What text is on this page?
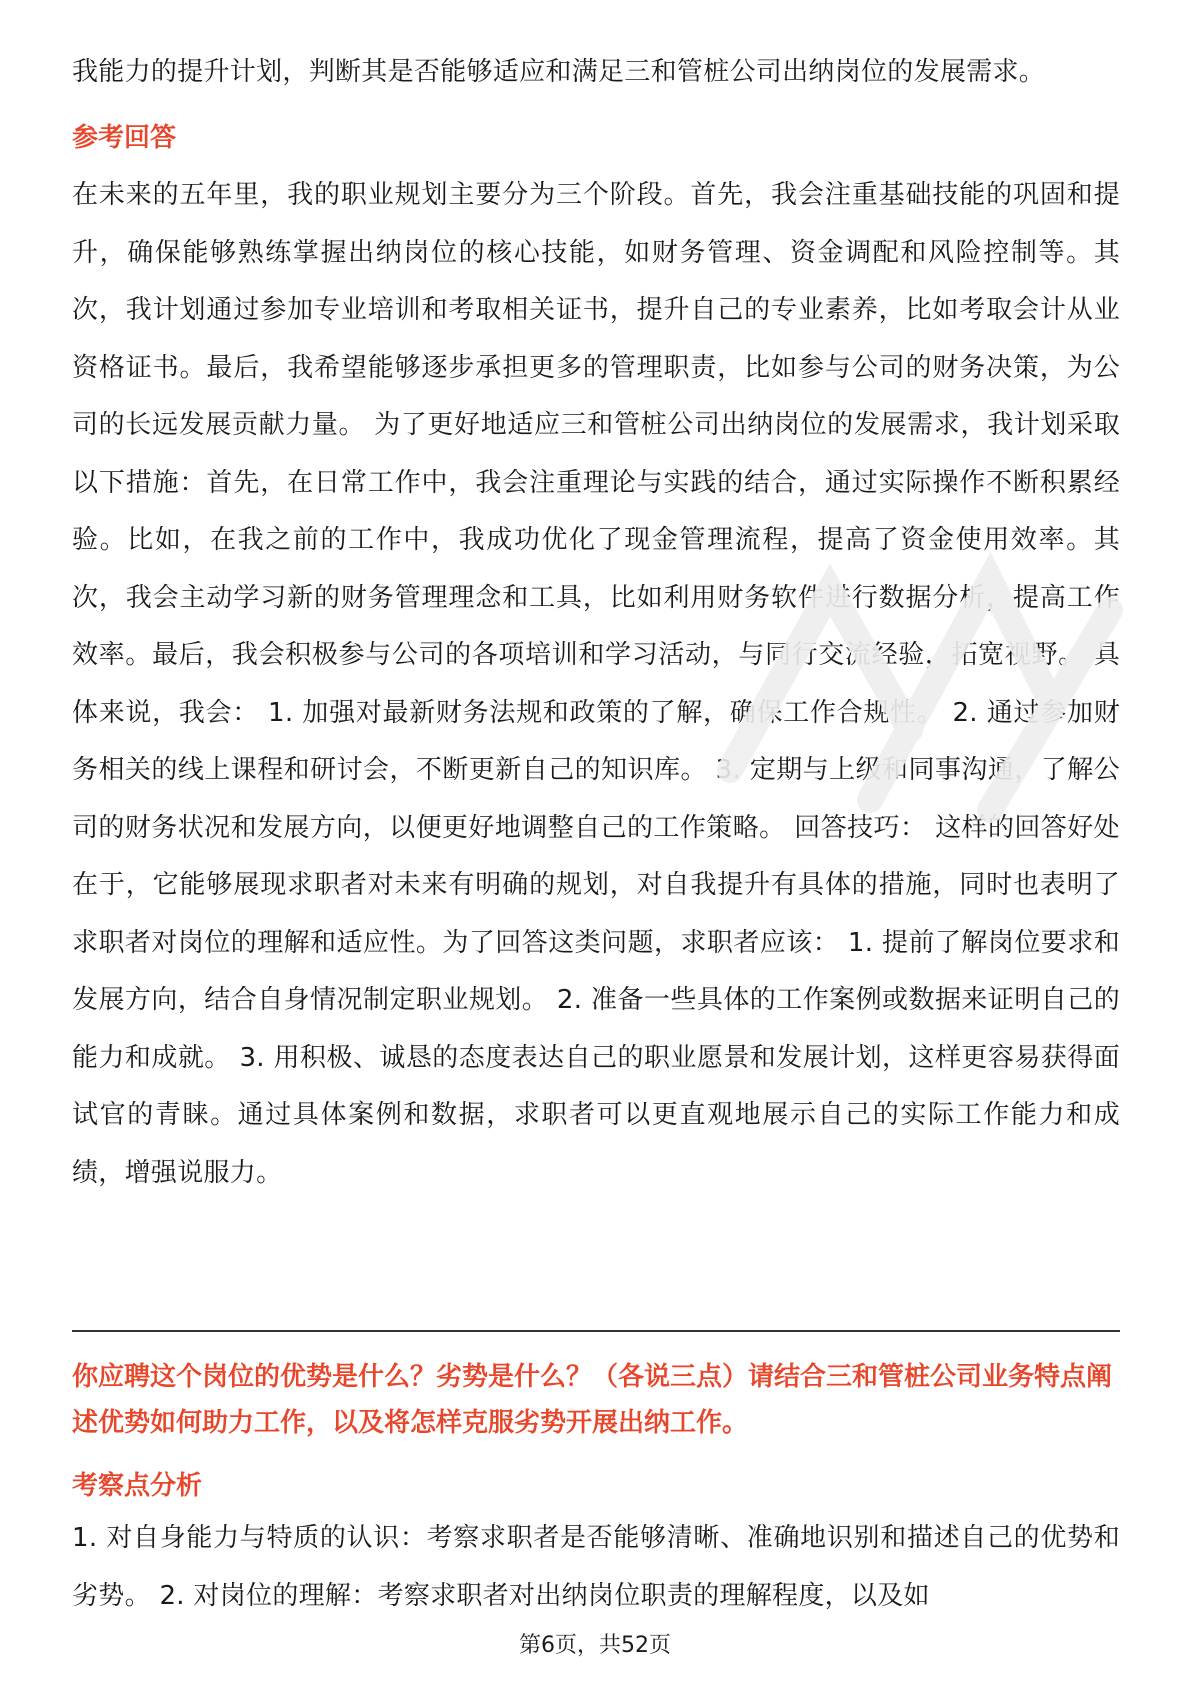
我能力的提升计划，判断其是否能够适应和满足三和管桩公司出纳岗位的发展需求。

参考回答

在未来的五年里，我的职业规划主要分为三个阶段。首先，我会注重基础技能的巩固和提升，确保能够熟练掌握出纳岗位的核心技能，如财务管理、资金调配和风险控制等。其次，我计划通过参加专业培训和考取相关证书，提升自己的专业素养，比如考取会计从业资格证书。最后，我希望能够逐步承担更多的管理职责，比如参与公司的财务决策，为公司的长远发展贡献力量。 为了更好地适应三和管桩公司出纳岗位的发展需求，我计划采取以下措施：首先，在日常工作中，我会注重理论与实践的结合，通过实际操作不断积累经验。比如，在我之前的工作中，我成功优化了现金管理流程，提高了资金使用效率。其次，我会主动学习新的财务管理理念和工具，比如利用财务软件进行数据分析，提高工作效率。最后，我会积极参与公司的各项培训和学习活动，与同行交流经验，拓宽视野。 具体来说，我会： 1. 加强对最新财务法规和政策的了解，确保工作合规性。 2. 通过参加财务相关的线上课程和研讨会，不断更新自己的知识库。 3. 定期与上级和同事沟通，了解公司的财务状况和发展方向，以便更好地调整自己的工作策略。 回答技巧： 这样的回答好处在于，它能够展现求职者对未来有明确的规划，对自我提升有具体的措施，同时也表明了求职者对岗位的理解和适应性。为了回答这类问题，求职者应该： 1. 提前了解岗位要求和发展方向，结合自身情况制定职业规划。 2. 准备一些具体的工作案例或数据来证明自己的能力和成就。 3. 用积极、诚恳的态度表达自己的职业愿景和发展计划，这样更容易获得面试官的青睐。通过具体案例和数据，求职者可以更直观地展示自己的实际工作能力和成绩，增强说服力。

你应聘这个岗位的优势是什么？劣势是什么？（各说三点）请结合三和管桩公司业务特点阐述优势如何助力工作，以及将怎样克服劣势开展出纳工作。

考察点分析

1. 对自身能力与特质的认识：考察求职者是否能够清晰、准确地识别和描述自己的优势和劣势。 2. 对岗位的理解：考察求职者对出纳岗位职责的理解程度，以及如

第6页，共52页
